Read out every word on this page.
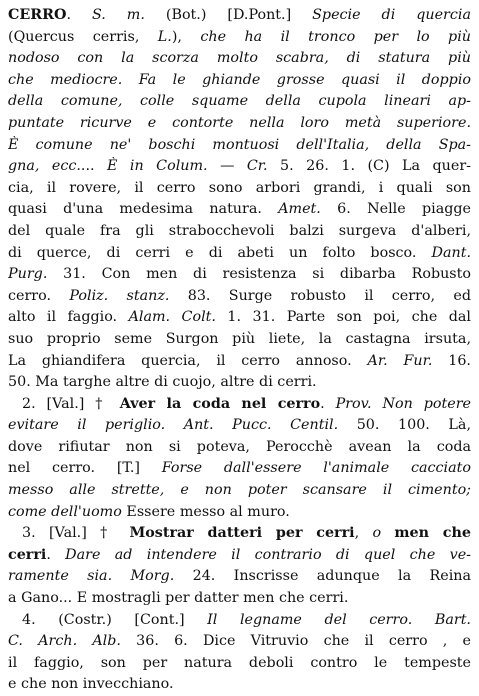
CERRO. S. m. (Bot.) [D.Pont.] Specie di quercia
(Quercus cerris, L.), che ha il tronco per lo più
nodoso con la scorza molto scabra, di statura più
che mediocre. Fa le ghiande grosse quasi il doppio
della comune, colle squame della cupola lineari ap-
puntate ricurve e contorte nella loro metà superiore.
È comune ne' boschi montuosi dell'Italia, della Spa-
gna, ecc.... È in Colum. — Cr. 5. 26. 1. (C) La quer-
cia, il rovere, il cerro sono arbori grandi, i quali son
quasi d'una medesima natura. Amet. 6. Nelle piagge
del quale fra gli strabocchevoli balzi surgeva d'alberi,
di querce, di cerri e di abeti un folto bosco. Dant.
Purg. 31. Con men di resistenza si dibarba Robusto
cerro. Poliz. stanz. 83. Surge robusto il cerro, ed
alto il faggio. Alam. Colt. 1. 31. Parte son poi, che dal
suo proprio seme Surgon più liete, la castagna irsuta,
La ghiandifera quercia, il cerro annoso. Ar. Fur. 16.
50. Ma targhe altre di cuojo, altre di cerri.
2. [Val.] † Aver la coda nel cerro. Prov. Non potere
evitare il periglio. Ant. Pucc. Centil. 50. 100. Là,
dove rifiutar non si poteva, Perocchè avean la coda
nel cerro. [T.] Forse dall'essere l'animale cacciato
messo alle strette, e non poter scansare il cimento;
come dell'uomo Essere messo al muro.
3. [Val.] † Mostrar datteri per cerri, o men che
cerri. Dare ad intendere il contrario di quel che ve-
ramente sia. Morg. 24. Inscrisse adunque la Reina
a Gano... E mostragli per datter men che cerri.
4. (Costr.) [Cont.] Il legname del cerro. Bart.
C. Arch. Alb. 36. 6. Dice Vitruvio che il cerro , e
il faggio, son per natura deboli contro le tempeste
e che non invecchiano.
